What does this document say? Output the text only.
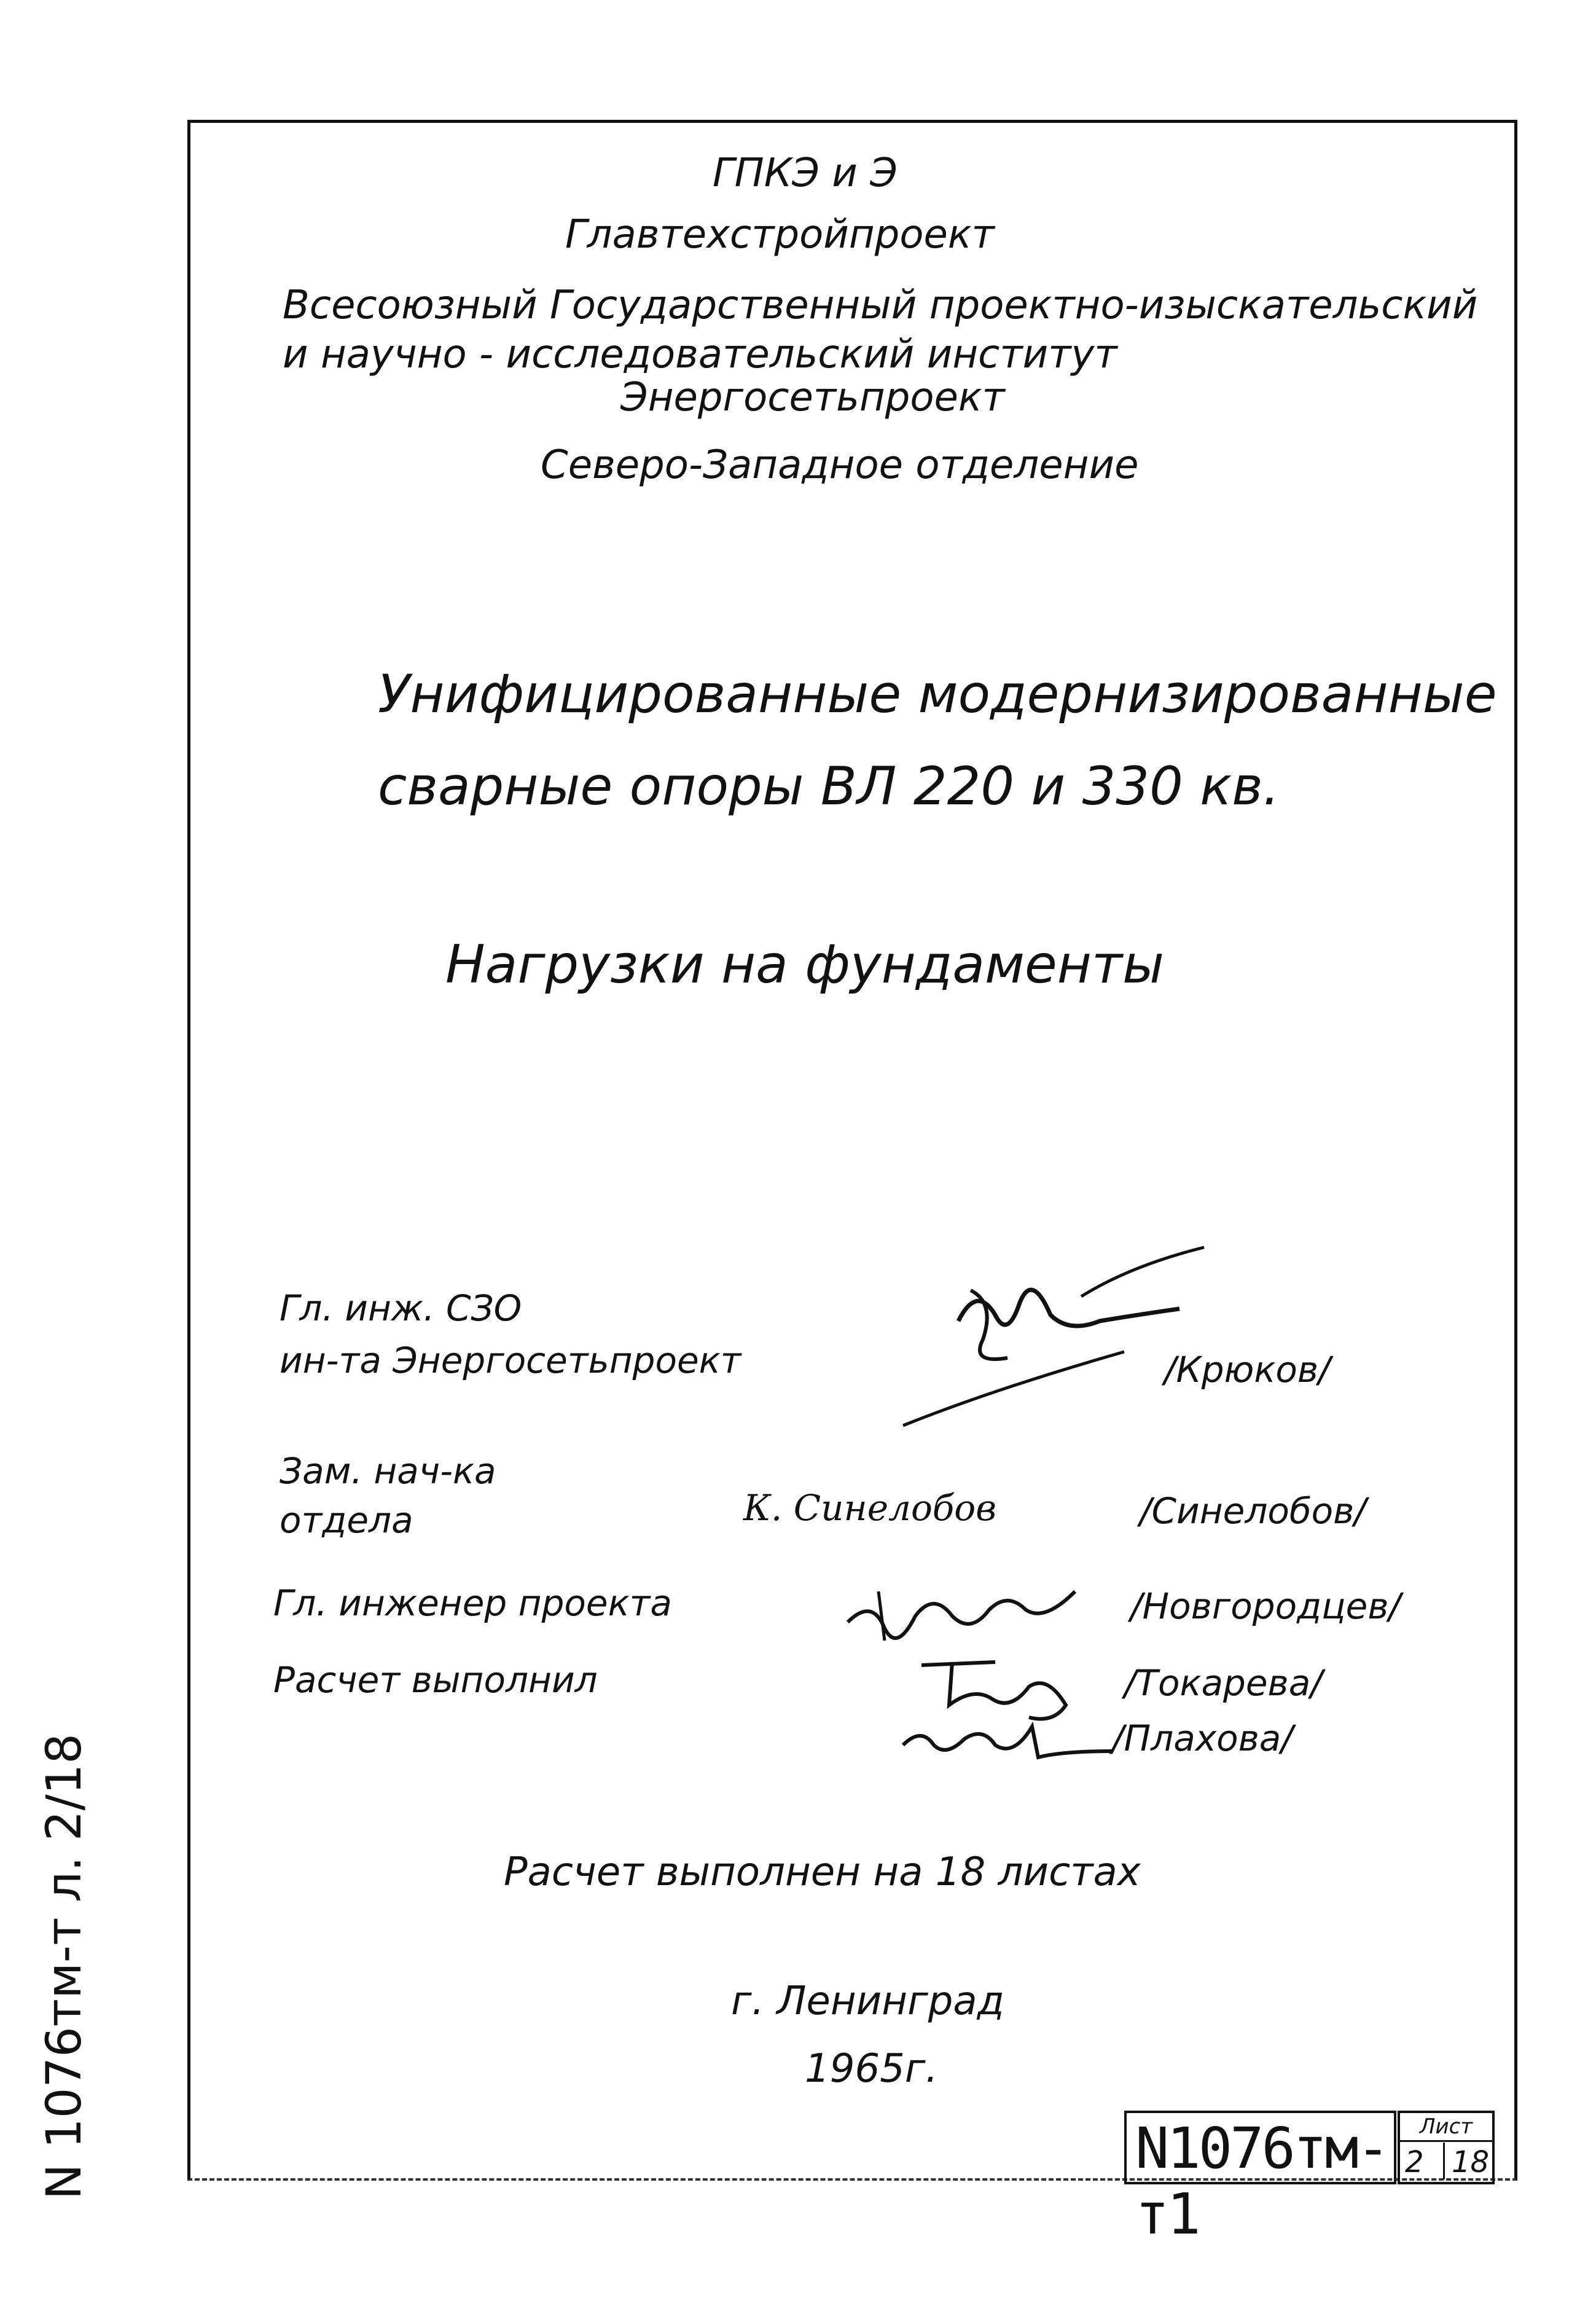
ГПКЭ и Э
Главтехстройпроект
Всесоюзный Государственный проектно-изыскательский
и научно - исследовательский институт
Энергосетьпроект
Северо-Западное отделение
Унифицированные модернизированные
сварные опоры ВЛ 220 и 330 кв.
Нагрузки на фундаменты
Гл. инж. СЗО
ин-та Энергосетьпроект	/Крюков/
Зам. нач-ка
отдела	К. Синелобов	/Синелобов/
Гл. инженер проекта	/Новгородцев/
Расчет выполнил	/Токарева/
/Плахова/
Расчет выполнен на 18 листах
г. Ленинград
1965г.
N1076тм-т1
Лист
2 18
N 1076тм-т л. 2/18
